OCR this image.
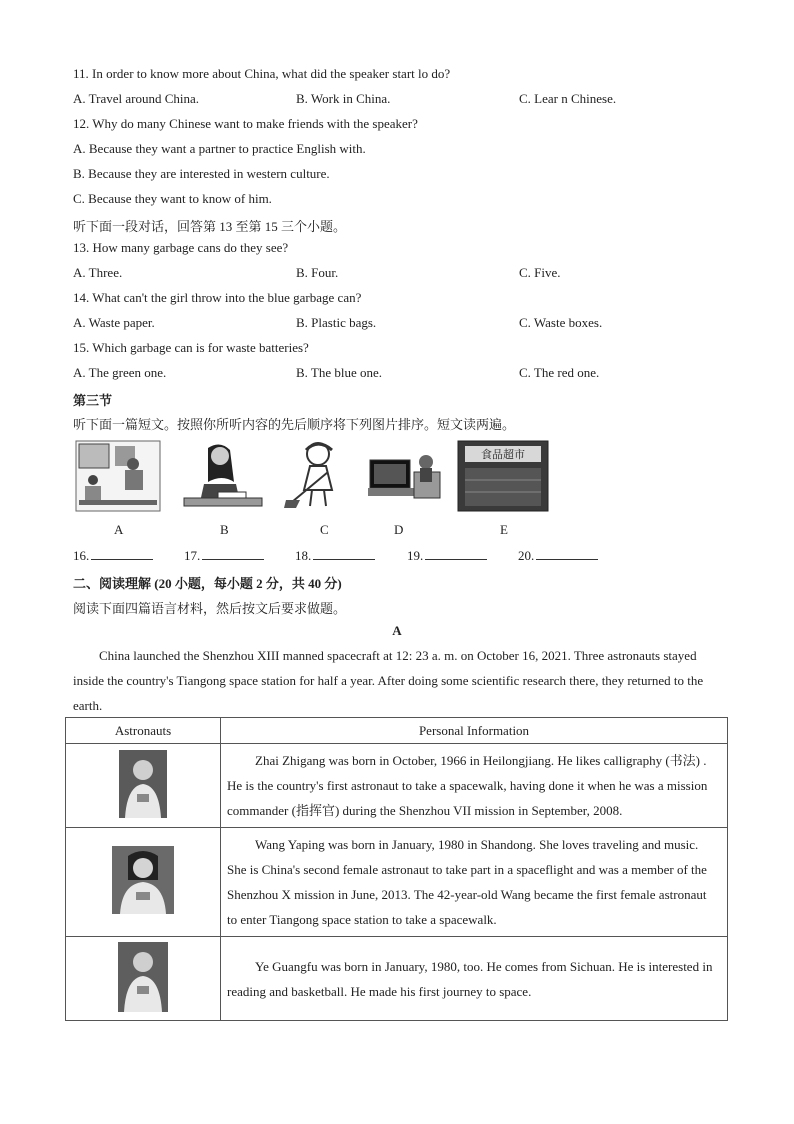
11. In order to know more about China, what did the speaker start lo do?
A. Travel around China.	B. Work in China.	C. Lear n Chinese.
12. Why do many Chinese want to make friends with the speaker?
A. Because they want a partner to practice English with.
B. Because they are interested in western culture.
C. Because they want to know of him.
听下面一段对话，回答第 13 至第 15 三个小题。
13. How many garbage cans do they see?
A. Three.	B. Four.	C. Five.
14. What can't the girl throw into the blue garbage can?
A. Waste paper.	B. Plastic bags.	C. Waste boxes.
15. Which garbage can is for waste batteries?
A. The green one.	B. The blue one.	C. The red one.
第三节
听下面一篇短文。按照你所听内容的先后顺序将下列图片排序。短文读两遍。
食品超市
A	B	C	D	E
16.	17.	18.	19.	20.
二、阅读理解 (20 小题，每小题 2 分，共 40 分)
阅读下面四篇语言材料，然后按文后要求做题。
A
China launched the Shenzhou XIII manned spacecraft at 12: 23 a. m. on October 16, 2021. Three astronauts stayed inside the country's Tiangong space station for half a year. After doing some scientific research there, they returned to the earth.
Astronauts	Personal Information
	Zhai Zhigang was born in October, 1966 in Heilongjiang. He likes calligraphy (书法) . He is the country's first astronaut to take a spacewalk, having done it when he was a mission commander (指挥官) during the Shenzhou VII mission in September, 2008.
	Wang Yaping was born in January, 1980 in Shandong. She loves traveling and music. She is China's second female astronaut to take part in a spaceflight and was a member of the Shenzhou X mission in June, 2013. The 42-year-old Wang became the first female astronaut to enter Tiangong space station to take a spacewalk.
	Ye Guangfu was born in January, 1980, too. He comes from Sichuan. He is interested in reading and basketball. He made his first journey to space.
